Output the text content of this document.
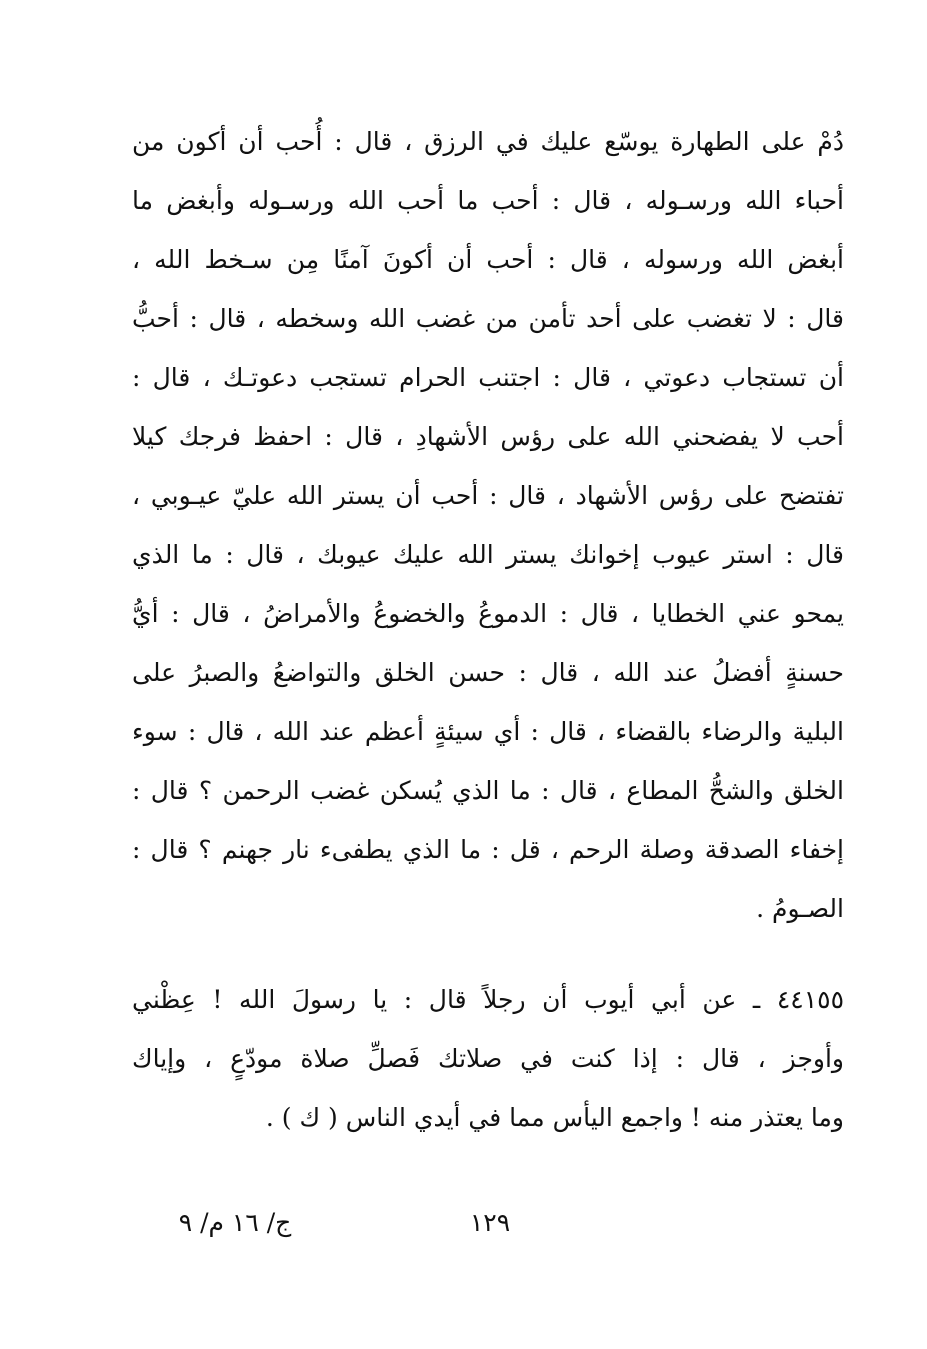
دُمْ على الطهارة يوسّع عليك في الرزق ، قال : أُحب أن أكون من
أحباء الله ورسـوله ، قال : أحب ما أحب الله ورسـوله وأبغض ما
أبغض الله ورسوله ، قال : أحب أن أكونَ آمنًا مِن سـخط الله ،
قال : لا تغضب على أحد تأمن من غضب الله وسخطه ، قال : أحبُّ
أن تستجاب دعوتي ، قال : اجتنب الحرام تستجب دعوتـك ، قال :
أحب لا يفضحني الله على رؤس الأشهادِ ، قال : احفظ فرجك كيلا
تفتضح على رؤس الأشهاد ، قال : أحب أن يستر الله عليّ عيـوبي ،
قال : استر عيوب إخوانك يستر الله عليك عيوبك ، قال : ما الذي
يمحو عني الخطايا ، قال : الدموعُ والخضوعُ والأمراضُ ، قال : أيُّ
حسنةٍ أفضلُ عند الله ، قال : حسن الخلق والتواضعُ والصبرُ على
البلية والرضاء بالقضاء ، قال : أي سيئةٍ أعظم عند الله ، قال : سوء
الخلق والشحُّ المطاع ، قال : ما الذي يُسكن غضب الرحمن ؟ قال :
إخفاء الصدقة وصلة الرحم ، قل : ما الذي يطفىء نار جهنم ؟ قال :
الصـومُ .
٤٤١٥٥ ـ عن أبي أيوب أن رجلاً قال : يا رسولَ الله ! عِظْني
وأوجز ، قال : إذا كنت في صلاتك فَصلِّ صلاة مودّعٍ ، وإياك
وما يعتذر منه ! واجمع اليأس مما في أيدي الناس ( ك ) .
ج/ ١٦ م/ ٩	١٢٩
